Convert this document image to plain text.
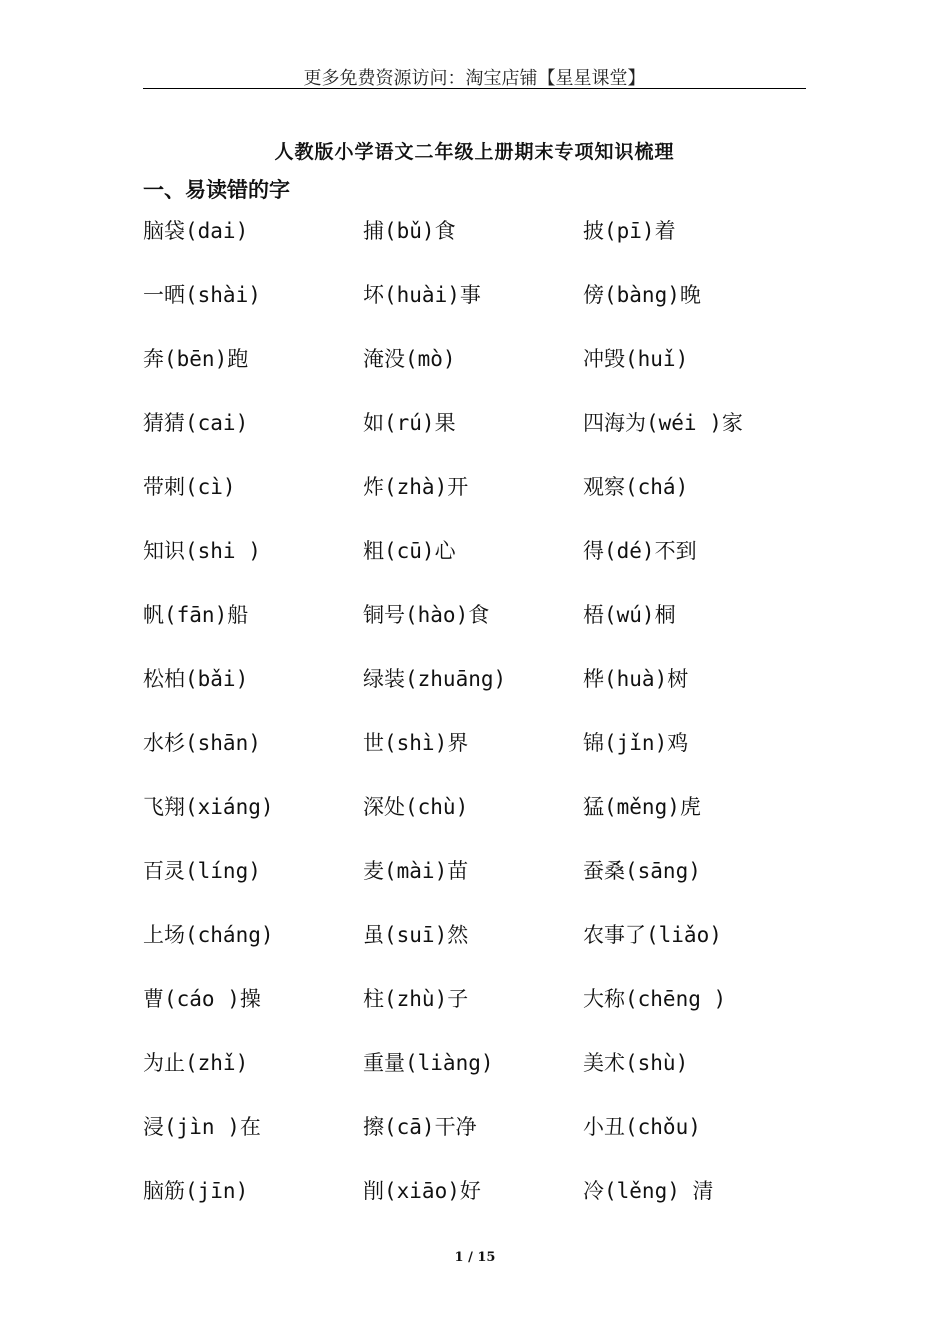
更多免费资源访问：淘宝店铺【星星课堂】
人教版小学语文二年级上册期末专项知识梳理
一、易读错的字
脑袋(dai)	捕(bǔ)食	披(pī)着
一晒(shài)	坏(huài)事	傍(bàng)晚
奔(bēn)跑	淹没(mò)	冲毁(huǐ)
猜猜(cai)	如(rú)果	四海为(wéi )家
带刺(cì)	炸(zhà)开	观察(chá)
知识(shi )	粗(cū)心	得(dé)不到
帆(fān)船	铜号(hào)食	梧(wú)桐
松柏(bǎi)	绿装(zhuāng)	桦(huà)树
水杉(shān)	世(shì)界	锦(jǐn)鸡
飞翔(xiáng)	深处(chù)	猛(měng)虎
百灵(líng)	麦(mài)苗	蚕桑(sāng)
上场(cháng)	虽(suī)然	农事了(liǎo)
曹(cáo )操	柱(zhù)子	大称(chēng )
为止(zhǐ)	重量(liàng)	美术(shù)
浸(jìn )在	擦(cā)干净	小丑(chǒu)
脑筋(jīn)	削(xiāo)好	冷(lěng) 清
1 / 15
